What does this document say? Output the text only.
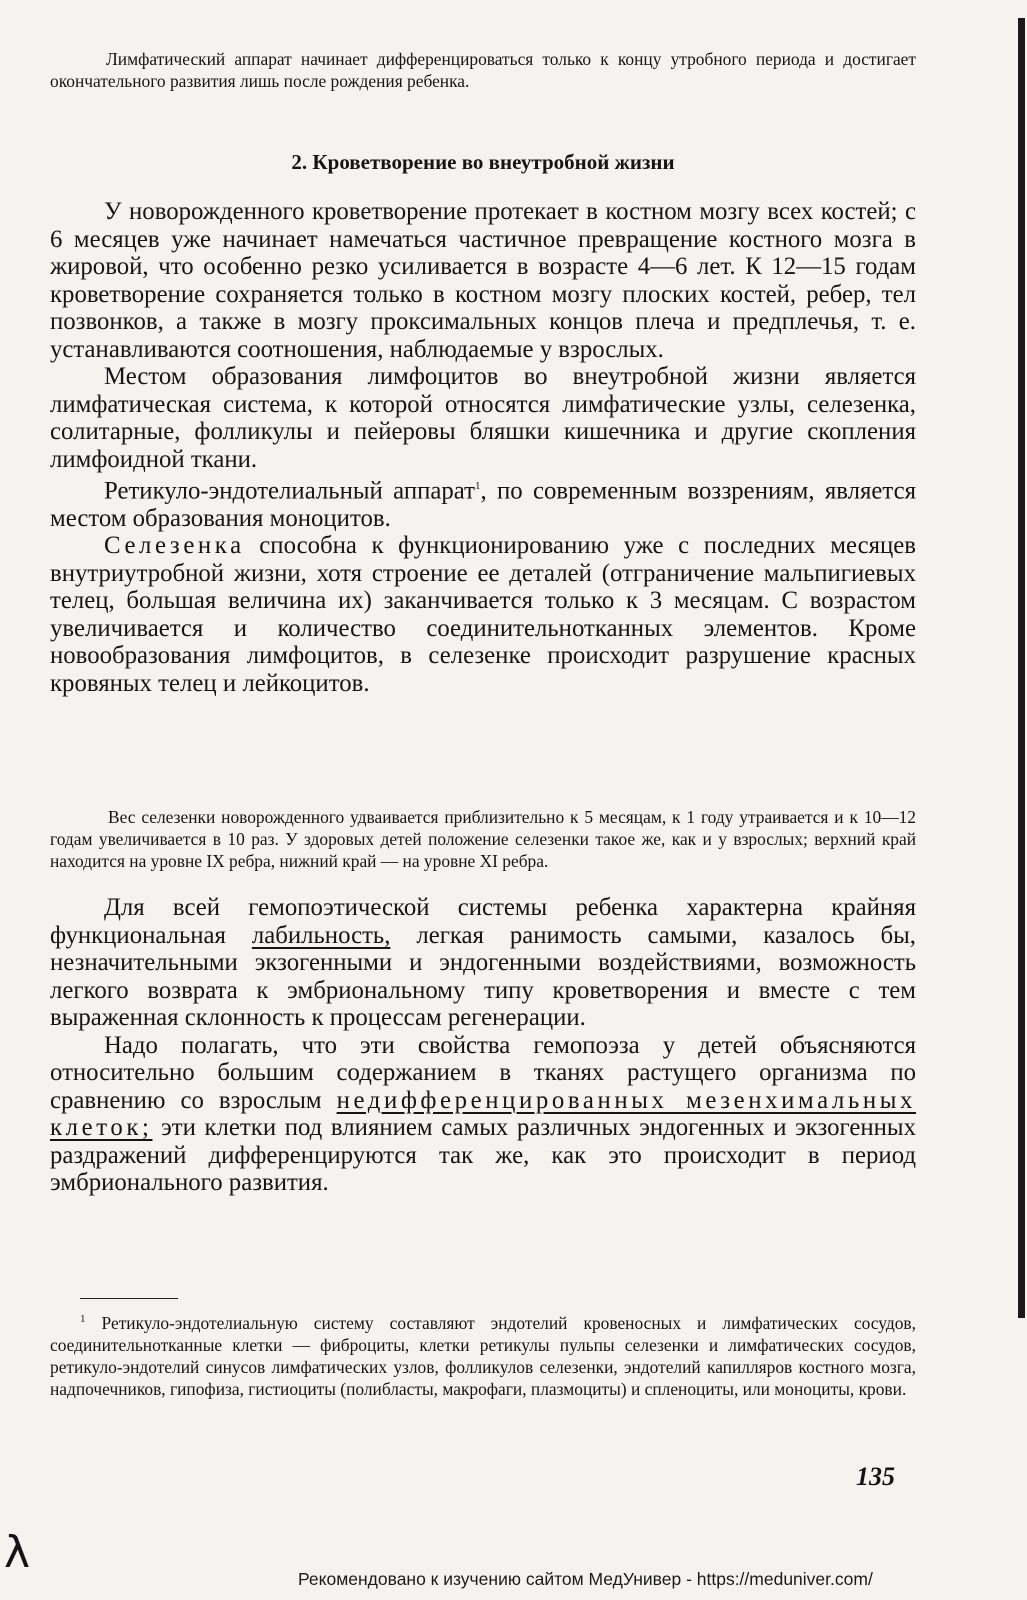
Лимфатический аппарат начинает дифференцироваться только к концу утробного периода и достигает окончательного развития лишь после рождения ребенка.

2. Кроветворение во внеутробной жизни

У новорожденного кроветворение протекает в костном мозгу всех костей; с 6 месяцев уже начинает намечаться частичное превращение костного мозга в жировой, что особенно резко усиливается в возрасте 4—6 лет. К 12—15 годам кроветворение сохраняется только в костном мозгу плоских костей, ребер, тел позвонков, а также в мозгу проксимальных концов плеча и предплечья, т. е. устанавливаются соотношения, наблюдаемые у взрослых.

Местом образования лимфоцитов во внеутробной жизни является лимфатическая система, к которой относятся лимфатические узлы, селезенка, солитарные, фолликулы и пейеровы бляшки кишечника и другие скопления лимфоидной ткани.

Ретикуло-эндотелиальный аппарат$^1$, по современным воззрениям, является местом образования моноцитов.

Селезенка способна к функционированию уже с последних месяцев внутриутробной жизни, хотя строение ее деталей (отграничение мальпигиевых телец, большая величина их) заканчивается только к 3 месяцам. С возрастом увеличивается и количество соединительнотканных элементов. Кроме новообразования лимфоцитов, в селезенке происходит разрушение красных кровяных телец и лейкоцитов.

Вес селезенки новорожденного удваивается приблизительно к 5 месяцам, к 1 году утраивается и к 10—12 годам увеличивается в 10 раз. У здоровых детей положение селезенки такое же, как и у взрослых; верхний край находится на уровне IX ребра, нижний край — на уровне XI ребра.

Для всей гемопоэтической системы ребенка характерна крайняя функциональная лабильность, легкая ранимость самыми, казалось бы, незначительными экзогенными и эндогенными воздействиями, возможность легкого возврата к эмбриональному типу кроветворения и вместе с тем выраженная склонность к процессам регенерации.

Надо полагать, что эти свойства гемопоэза у детей объясняются относительно большим содержанием в тканях растущего организма по сравнению со взрослым недифференцированных мезенхимальных клеток; эти клетки под влиянием самых различных эндогенных и экзогенных раздражений дифференцируются так же, как это происходит в период эмбрионального развития.

$^1$ Ретикуло-эндотелиальную систему составляют эндотелий кровеносных и лимфатических сосудов, соединительнотканные клетки — фиброциты, клетки ретикулы пульпы селезенки и лимфатических сосудов, ретикуло-эндотелий синусов лимфатических узлов, фолликулов селезенки, эндотелий капилляров костного мозга, надпочечников, гипофиза, гистиоциты (полибласты, макрофаги, плазмоциты) и спленоциты, или моноциты, крови.

135
λ
Рекомендовано к изучению сайтом МедУнивер - https://meduniver.com/
